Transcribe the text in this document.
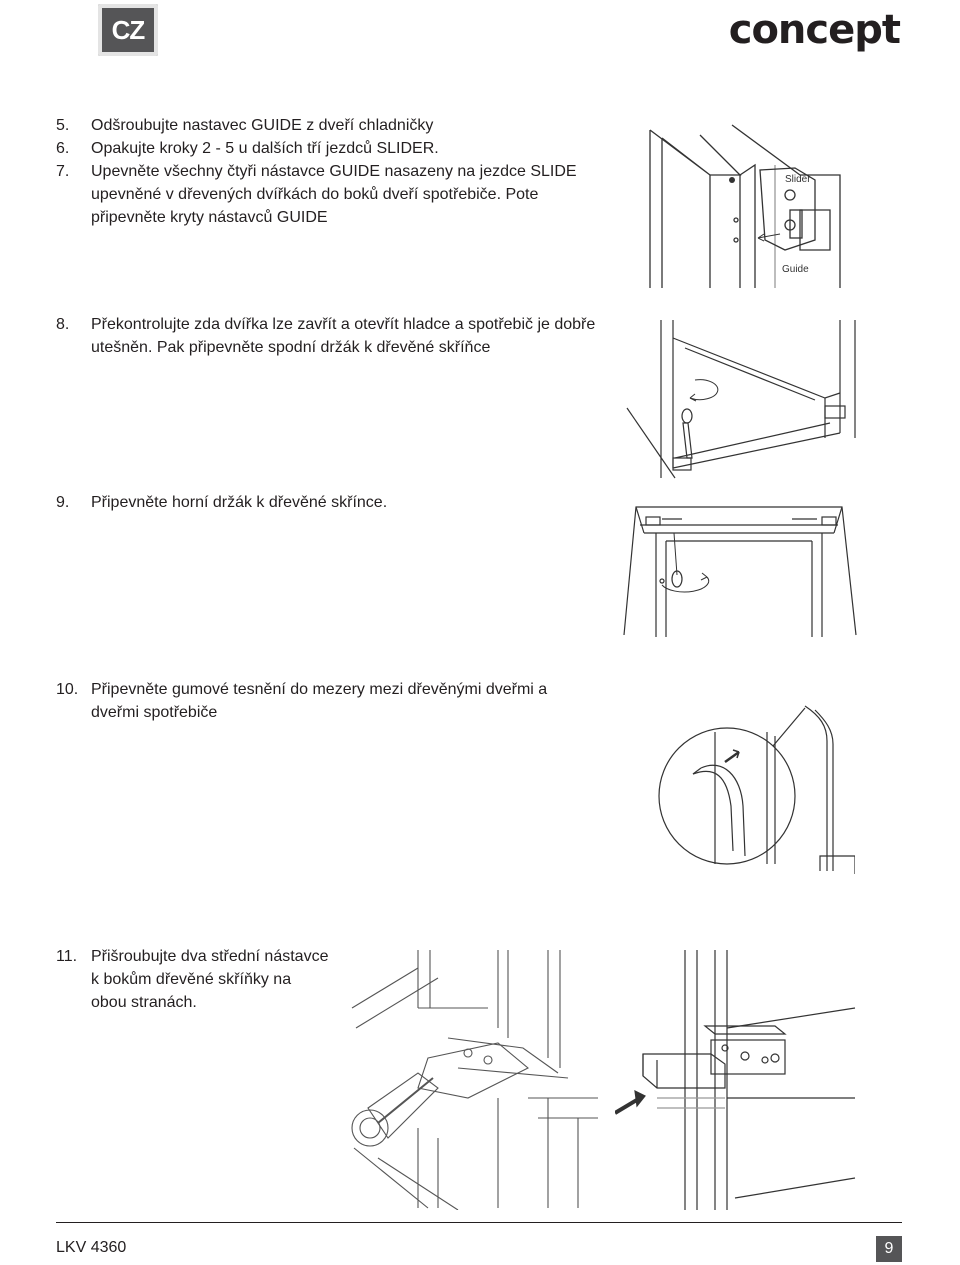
CZ	concept
5. Odšroubujte nastavec GUIDE z dveří chladničky
6. Opakujte kroky 2 - 5 u dalších tří jezdců SLIDER.
7. Upevněte všechny čtyři nástavce GUIDE nasazeny na jezdce SLIDE
upevněné v dřevených dvířkách do boků dveří spotřebiče. Pote
připevněte kryty nástavců GUIDE
Slider
Guide
8. Překontrolujte zda dvířka lze zavřít a otevřít hladce a spotřebič je dobře
utešněn. Pak připevněte spodní držák k dřevěné skříňce
9. Připevněte horní držák k dřevěné skřínce.
10. Připevněte gumové tesnění do mezery mezi dřevěnými dveřmi a
dveřmi spotřebiče
11. Přišroubujte dva střední nástavce
k bokům dřevěné skříňky na
obou stranách.
LKV 4360	9
